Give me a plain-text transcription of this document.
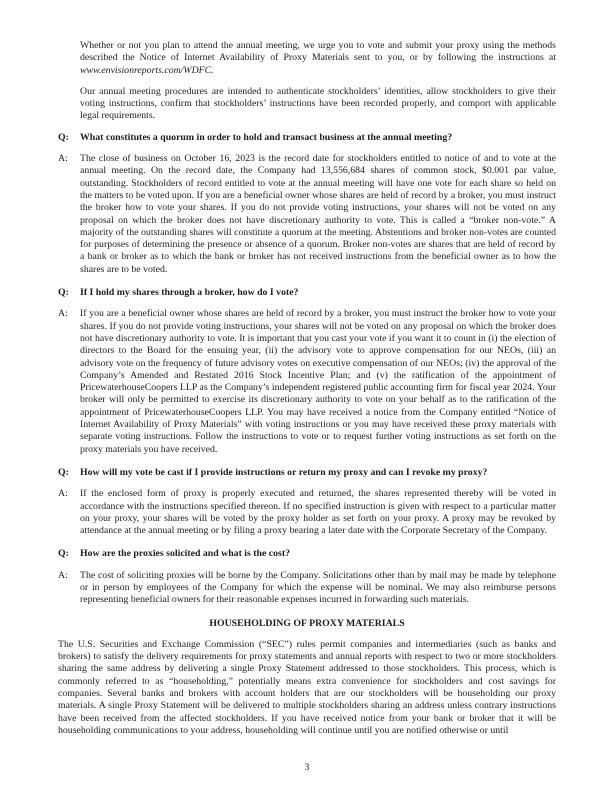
Whether or not you plan to attend the annual meeting, we urge you to vote and submit your proxy using the methods described the Notice of Internet Availability of Proxy Materials sent to you, or by following the instructions at www.envisionreports.com/WDFC.

Our annual meeting procedures are intended to authenticate stockholders’ identities, allow stockholders to give their voting instructions, confirm that stockholders’ instructions have been recorded properly, and comport with applicable legal requirements.

Q:	What constitutes a quorum in order to hold and transact business at the annual meeting?
A:	The close of business on October 16, 2023 is the record date for stockholders entitled to notice of and to vote at the annual meeting. On the record date, the Company had 13,556,684 shares of common stock, $0.001 par value, outstanding. Stockholders of record entitled to vote at the annual meeting will have one vote for each share so held on the matters to be voted upon. If you are a beneficial owner whose shares are held of record by a broker, you must instruct the broker how to vote your shares. If you do not provide voting instructions, your shares will not be voted on any proposal on which the broker does not have discretionary authority to vote. This is called a “broker non-vote.” A majority of the outstanding shares will constitute a quorum at the meeting. Abstentions and broker non-votes are counted for purposes of determining the presence or absence of a quorum. Broker non-votes are shares that are held of record by a bank or broker as to which the bank or broker has not received instructions from the beneficial owner as to how the shares are to be voted.
Q:	If I hold my shares through a broker, how do I vote?
A:	If you are a beneficial owner whose shares are held of record by a broker, you must instruct the broker how to vote your shares. If you do not provide voting instructions, your shares will not be voted on any proposal on which the broker does not have discretionary authority to vote. It is important that you cast your vote if you want it to count in (i) the election of directors to the Board for the ensuing year, (ii) the advisory vote to approve compensation for our NEOs, (iii) an advisory vote on the frequency of future advisory votes on executive compensation of our NEOs; (iv) the approval of the Company’s Amended and Restated 2016 Stock Incentive Plan; and (v) the ratification of the appointment of PricewaterhouseCoopers LLP as the Company’s independent registered public accounting firm for fiscal year 2024. Your broker will only be permitted to exercise its discretionary authority to vote on your behalf as to the ratification of the appointment of PricewaterhouseCoopers LLP. You may have received a notice from the Company entitled “Notice of Internet Availability of Proxy Materials” with voting instructions or you may have received these proxy materials with separate voting instructions. Follow the instructions to vote or to request further voting instructions as set forth on the proxy materials you have received.
Q:	How will my vote be cast if I provide instructions or return my proxy and can I revoke my proxy?
A:	If the enclosed form of proxy is properly executed and returned, the shares represented thereby will be voted in accordance with the instructions specified thereon. If no specified instruction is given with respect to a particular matter on your proxy, your shares will be voted by the proxy holder as set forth on your proxy. A proxy may be revoked by attendance at the annual meeting or by filing a proxy bearing a later date with the Corporate Secretary of the Company.
Q:	How are the proxies solicited and what is the cost?
A:	The cost of soliciting proxies will be borne by the Company. Solicitations other than by mail may be made by telephone or in person by employees of the Company for which the expense will be nominal. We may also reimburse persons representing beneficial owners for their reasonable expenses incurred in forwarding such materials.
HOUSEHOLDING OF PROXY MATERIALS

The U.S. Securities and Exchange Commission (“SEC”) rules permit companies and intermediaries (such as banks and brokers) to satisfy the delivery requirements for proxy statements and annual reports with respect to two or more stockholders sharing the same address by delivering a single Proxy Statement addressed to those stockholders. This process, which is commonly referred to as “householding,” potentially means extra convenience for stockholders and cost savings for companies. Several banks and brokers with account holders that are our stockholders will be householding our proxy materials. A single Proxy Statement will be delivered to multiple stockholders sharing an address unless contrary instructions have been received from the affected stockholders. If you have received notice from your bank or broker that it will be householding communications to your address, householding will continue until you are notified otherwise or until

3
